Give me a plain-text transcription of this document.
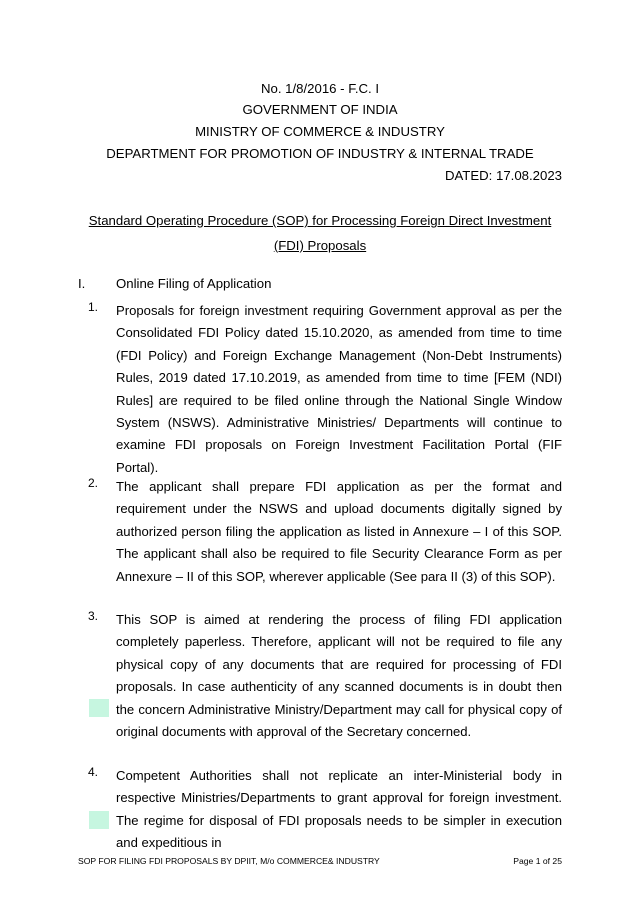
No. 1/8/2016 - F.C. I
GOVERNMENT OF INDIA
MINISTRY OF COMMERCE & INDUSTRY
DEPARTMENT FOR PROMOTION OF INDUSTRY & INTERNAL TRADE
DATED: 17.08.2023
Standard Operating Procedure (SOP) for Processing Foreign Direct Investment (FDI) Proposals
I. Online Filing of Application
1. Proposals for foreign investment requiring Government approval as per the Consolidated FDI Policy dated 15.10.2020, as amended from time to time (FDI Policy) and Foreign Exchange Management (Non-Debt Instruments) Rules, 2019 dated 17.10.2019, as amended from time to time [FEM (NDI) Rules] are required to be filed online through the National Single Window System (NSWS). Administrative Ministries/ Departments will continue to examine FDI proposals on Foreign Investment Facilitation Portal (FIF Portal).
2. The applicant shall prepare FDI application as per the format and requirement under the NSWS and upload documents digitally signed by authorized person filing the application as listed in Annexure – I of this SOP. The applicant shall also be required to file Security Clearance Form as per Annexure – II of this SOP, wherever applicable (See para II (3) of this SOP).
3. This SOP is aimed at rendering the process of filing FDI application completely paperless. Therefore, applicant will not be required to file any physical copy of any documents that are required for processing of FDI proposals. In case authenticity of any scanned documents is in doubt then the concern Administrative Ministry/Department may call for physical copy of original documents with approval of the Secretary concerned.
4. Competent Authorities shall not replicate an inter-Ministerial body in respective Ministries/Departments to grant approval for foreign investment. The regime for disposal of FDI proposals needs to be simpler in execution and expeditious in
SOP FOR FILING FDI PROPOSALS BY DPIIT, M/o COMMERCE& INDUSTRY	Page 1 of 25
